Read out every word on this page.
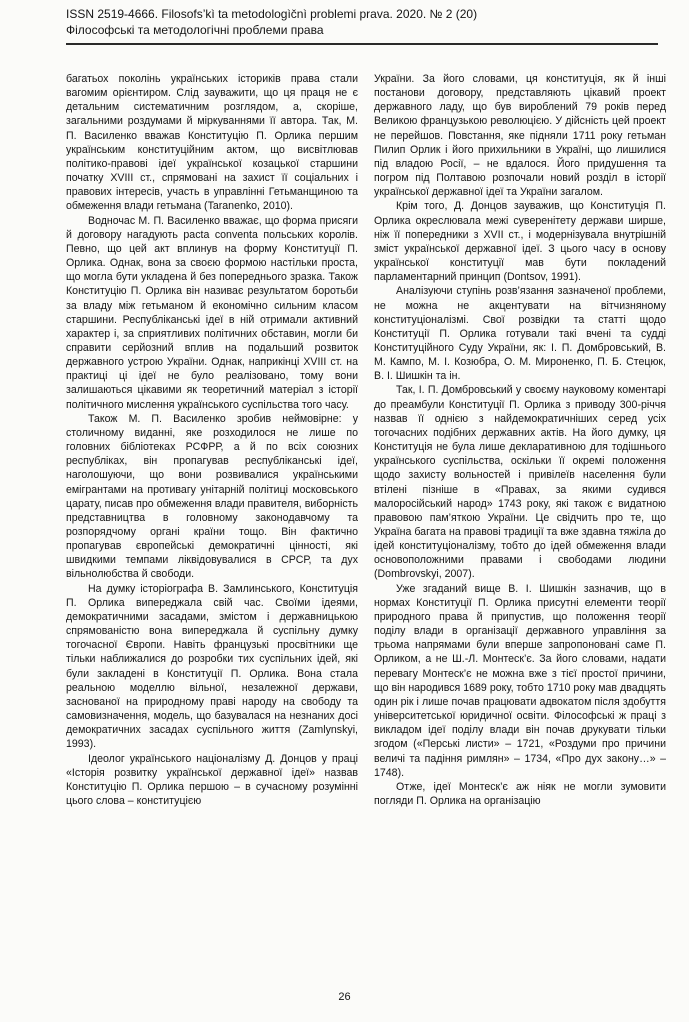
ISSN 2519-4666. Filosofs’kì ta metodologìčnì problemi prava. 2020. № 2 (20)
Філософські та методологічні проблеми права

багатьох поколінь українських істориків права стали вагомим орієнтиром. Слід зауважити, що ця праця не є детальним систематичним розглядом, а, скоріше, загальними роздумами й міркуваннями її автора. Так, М. П. Василенко вважав Конституцію П. Орлика першим українським конституційним актом, що висвітлював політико-правові ідеї української козацької старшини початку XVIII ст., спрямовані на захист її соціальних і правових інтересів, участь в управлінні Гетьманщиною та обмеження влади гетьмана (Taranenko, 2010).

Водночас М. П. Василенко вважає, що форма присяги й договору нагадують pacta conventa польських королів. Певно, що цей акт вплинув на форму Конституції П. Орлика. Однак, вона за своєю формою настільки проста, що могла бути укладена й без попереднього зразка. Також Конституцію П. Орлика він називає результатом боротьби за владу між гетьманом й економічно сильним класом старшини. Республіканські ідеї в ній отримали активний характер і, за сприятливих політичних обставин, могли би справити серйозний вплив на подальший розвиток державного устрою України. Однак, наприкінці XVIII ст. на практиці ці ідеї не було реалізовано, тому вони залишаються цікавими як теоретичний матеріал з історії політичного мислення українського суспільства того часу.

Також М. П. Василенко зробив неймовірне: у столичному виданні, яке розходилося не лише по головних бібліотеках РСФРР, а й по всіх союзних республіках, він пропагував республіканські ідеї, наголошуючи, що вони розвивалися українськими емігрантами на противагу унітарній політиці московського царату, писав про обмеження влади правителя, виборність представництва в головному законодавчому та розпорядчому органі країни тощо. Він фактично пропагував європейські демократичні цінності, які швидкими темпами ліквідовувалися в СРСР, та дух вільнолюбства й свободи.

На думку історіографа В. Замлинського, Конституція П. Орлика випереджала свій час. Своїми ідеями, демократичними засадами, змістом і державницькою спрямованістю вона випереджала й суспільну думку тогочасної Європи. Навіть французькі просвітники ще тільки наближалися до розробки тих суспільних ідей, які були закладені в Конституції П. Орлика. Вона стала реальною моделлю вільної, незалежної держави, заснованої на природному праві народу на свободу та самовизначення, модель, що базувалася на незнаних досі демократичних засадах суспільного життя (Zamlynskyi, 1993).

Ідеолог українського націоналізму Д. Донцов у праці «Історія розвитку української державної ідеї» назвав Конституцію П. Орлика першою – в сучасному розумінні цього слова – конституцією

України. За його словами, ця конституція, як й інші постанови договору, представляють цікавий проект державного ладу, що був вироблений 79 років перед Великою французькою революцією. У дійсність цей проект не перейшов. Повстання, яке підняли 1711 року гетьман Пилип Орлик і його прихильники в Україні, що лишилися під владою Росії, – не вдалося. Його придушення та погром під Полтавою розпочали новий розділ в історії української державної ідеї та України загалом.

Крім того, Д. Донцов зауважив, що Конституція П. Орлика окреслювала межі суверенітету держави ширше, ніж її попередники з XVII ст., і модернізувала внутрішній зміст української державної ідеї. З цього часу в основу української конституції мав бути покладений парламентарний принцип (Dontsov, 1991).

Аналізуючи ступінь розв’язання зазначеної проблеми, не можна не акцентувати на вітчизняному конституціоналізмі. Свої розвідки та статті щодо Конституції П. Орлика готували такі вчені та судді Конституційного Суду України, як: І. П. Домбровський, В. М. Кампо, М. І. Козюбра, О. М. Мироненко, П. Б. Стецюк, В. І. Шишкін та ін.

Так, І. П. Домбровський у своєму науковому коментарі до преамбули Конституції П. Орлика з приводу 300-річчя назвав її однією з найдемократичніших серед усіх тогочасних подібних державних актів. На його думку, ця Конституція не була лише декларативною для тодішнього українського суспільства, оскільки її окремі положення щодо захисту вольностей і привілеїв населення були втілені пізніше в «Правах, за якими судився малоросійський народ» 1743 року, які також є видатною правовою пам’яткою України. Це свідчить про те, що Україна багата на правові традиції та вже здавна тяжіла до ідей конституціоналізму, тобто до ідей обмеження влади основоположними правами і свободами людини (Dombrovskyi, 2007).

Уже згаданий вище В. І. Шишкін зазначив, що в нормах Конституції П. Орлика присутні елементи теорії природного права й припустив, що положення теорії поділу влади в організації державного управління за трьома напрямами були вперше запропоновані саме П. Орликом, а не Ш.-Л. Монтеск’є. За його словами, надати перевагу Монтеск’є не можна вже з тієї простої причини, що він народився 1689 року, тобто 1710 року мав двадцять один рік і лише почав працювати адвокатом після здобуття університетської юридичної освіти. Філософські ж праці з викладом ідеї поділу влади він почав друкувати тільки згодом («Перські листи» – 1721, «Роздуми про причини величі та падіння римлян» – 1734, «Про дух закону…» – 1748).

Отже, ідеї Монтеск’є аж ніяк не могли зумовити погляди П. Орлика на організацію

26
